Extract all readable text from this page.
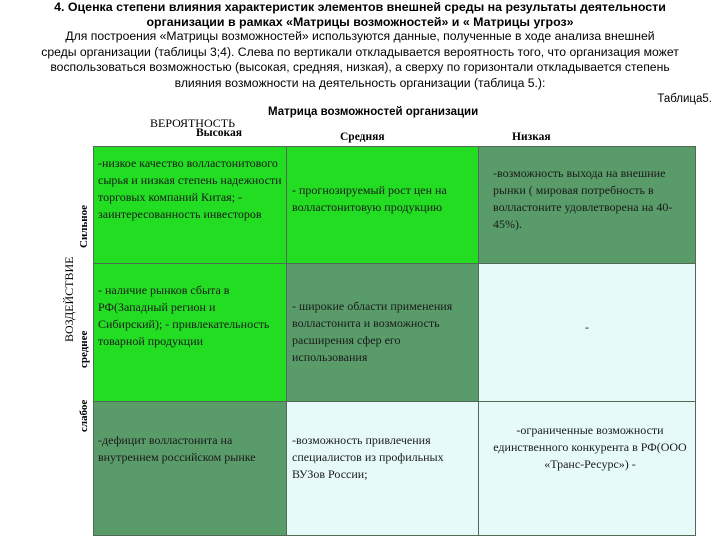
4. Оценка степени влияния характеристик элементов внешней среды на результаты деятельности
организации в рамках «Матрицы возможностей» и « Матрицы угроз»
Для построения «Матрицы возможностей» используются данные, полученные в ходе анализа внешней
среды организации (таблицы 3;4). Слева по вертикали откладывается вероятность того, что организация может
воспользоваться возможностью (высокая, средняя, низкая), а сверху по горизонтали откладывается степень
влияния возможности на деятельность организации (таблица 5.):
Таблица5.
Матрица возможностей организации
ВЕРОЯТНОСТЬ
Высокая	Средняя	Низкая
ВОЗДЕЙСТВИЕ
Сильное
среднее
слабое
-низкое качество волластонитового сырья и низкая степень надежности торговых компаний Китая; - заинтересованность инвесторов	- прогнозируемый рост цен на волластонитовую продукцию	-возможность выхода на внешние рынки ( мировая потребность в волластоните удовлетворена на 40- 45%).

- наличие рынков сбыта в РФ(Западный регион и Сибирский); - привлекательность товарной продукции	- широкие области применения волластонита и возможность расширения сфер его использования	-

-дефицит волластонита на внутреннем российском рынке	-возможность привлечения специалистов из профильных ВУЗов России;	-ограниченные возможности единственного конкурента в РФ(ООО «Транс-Ресурс») -
